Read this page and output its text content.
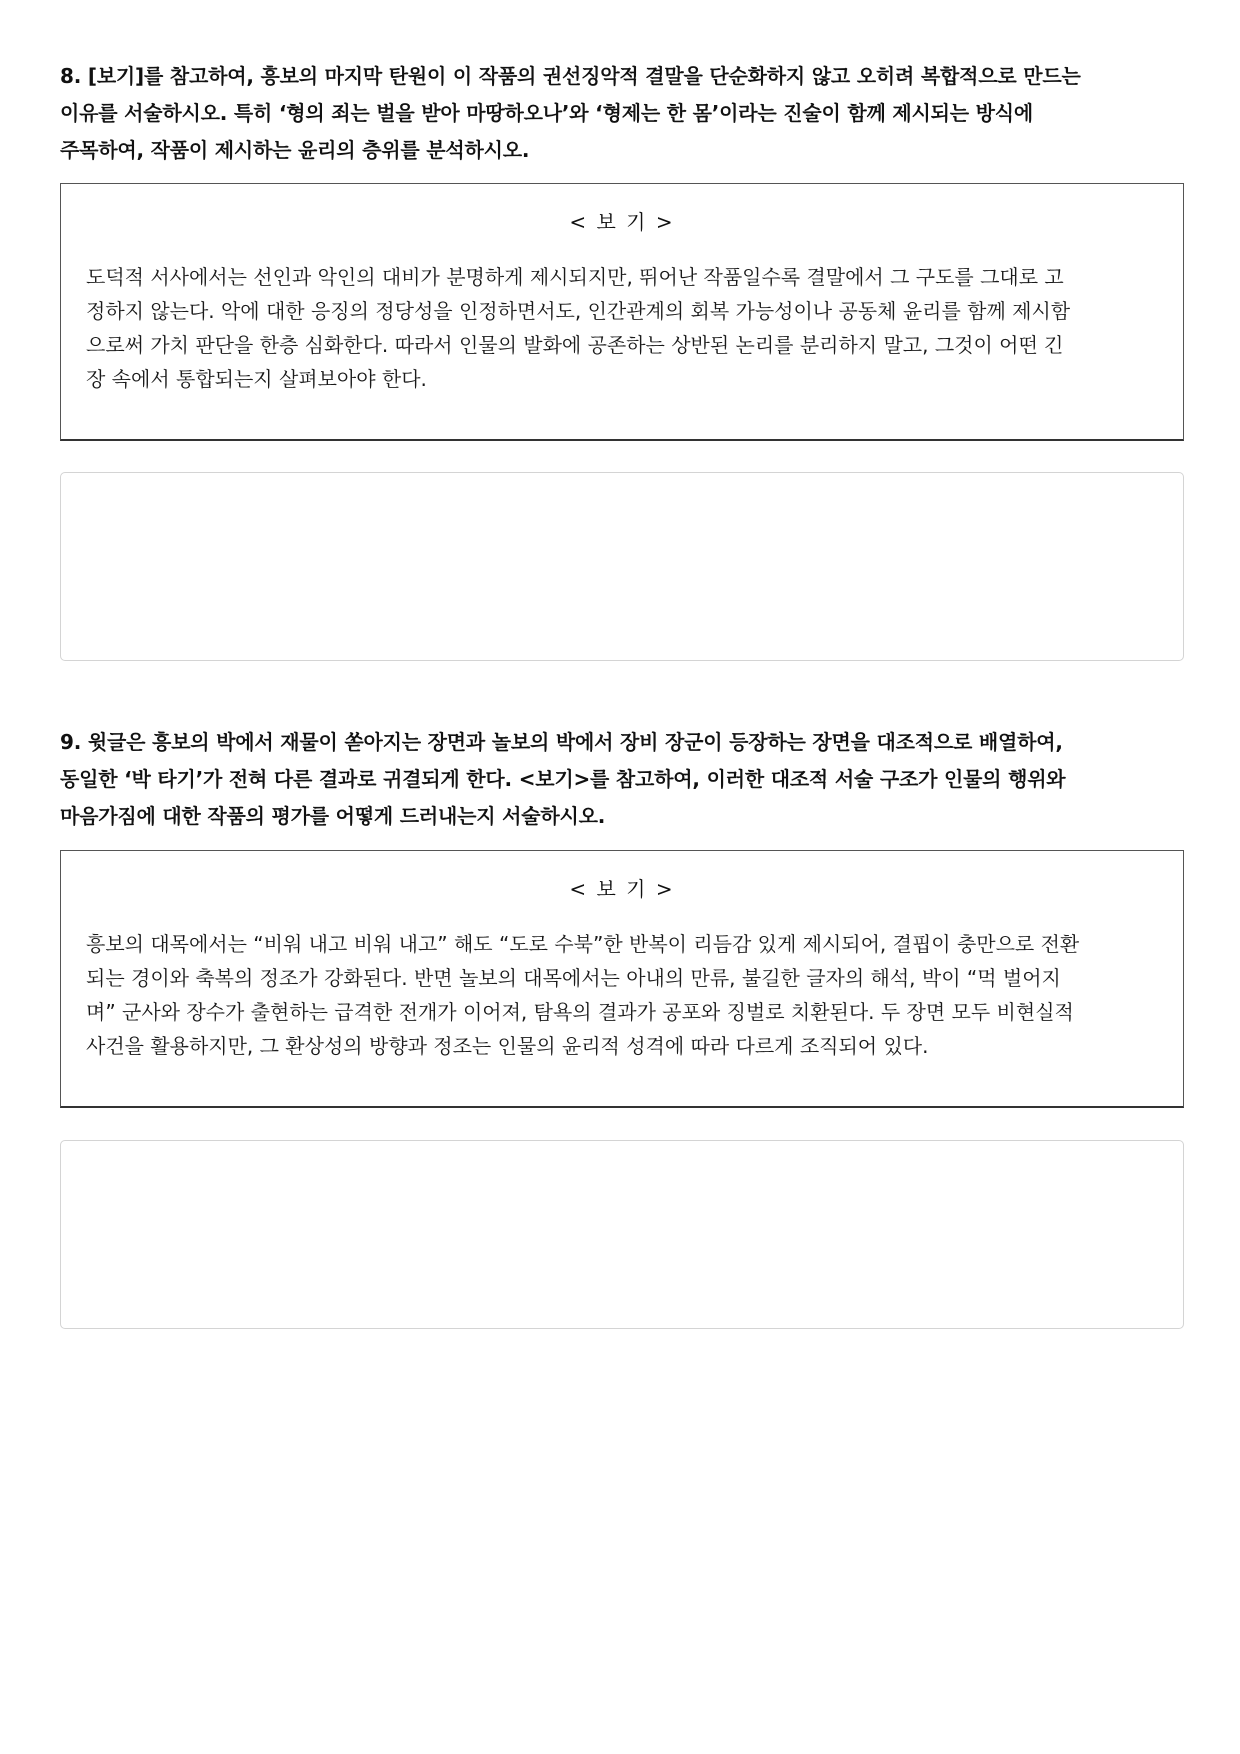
8. [보기]를 참고하여, 흥보의 마지막 탄원이 이 작품의 권선징악적 결말을 단순화하지 않고 오히려 복합적으로 만드는
이유를 서술하시오. 특히 ‘형의 죄는 벌을 받아 마땅하오나’와 ‘형제는 한 몸’이라는 진술이 함께 제시되는 방식에
주목하여, 작품이 제시하는 윤리의 층위를 분석하시오.

< 보 기 >

도덕적 서사에서는 선인과 악인의 대비가 분명하게 제시되지만, 뛰어난 작품일수록 결말에서 그 구도를 그대로 고
정하지 않는다. 악에 대한 응징의 정당성을 인정하면서도, 인간관계의 회복 가능성이나 공동체 윤리를 함께 제시함
으로써 가치 판단을 한층 심화한다. 따라서 인물의 발화에 공존하는 상반된 논리를 분리하지 말고, 그것이 어떤 긴
장 속에서 통합되는지 살펴보아야 한다.

9. 윗글은 흥보의 박에서 재물이 쏟아지는 장면과 놀보의 박에서 장비 장군이 등장하는 장면을 대조적으로 배열하여,
동일한 ‘박 타기’가 전혀 다른 결과로 귀결되게 한다. <보기>를 참고하여, 이러한 대조적 서술 구조가 인물의 행위와
마음가짐에 대한 작품의 평가를 어떻게 드러내는지 서술하시오.

< 보 기 >

흥보의 대목에서는 “비워 내고 비워 내고” 해도 “도로 수북”한 반복이 리듬감 있게 제시되어, 결핍이 충만으로 전환
되는 경이와 축복의 정조가 강화된다. 반면 놀보의 대목에서는 아내의 만류, 불길한 글자의 해석, 박이 “먹 벌어지
며” 군사와 장수가 출현하는 급격한 전개가 이어져, 탐욕의 결과가 공포와 징벌로 치환된다. 두 장면 모두 비현실적
사건을 활용하지만, 그 환상성의 방향과 정조는 인물의 윤리적 성격에 따라 다르게 조직되어 있다.
